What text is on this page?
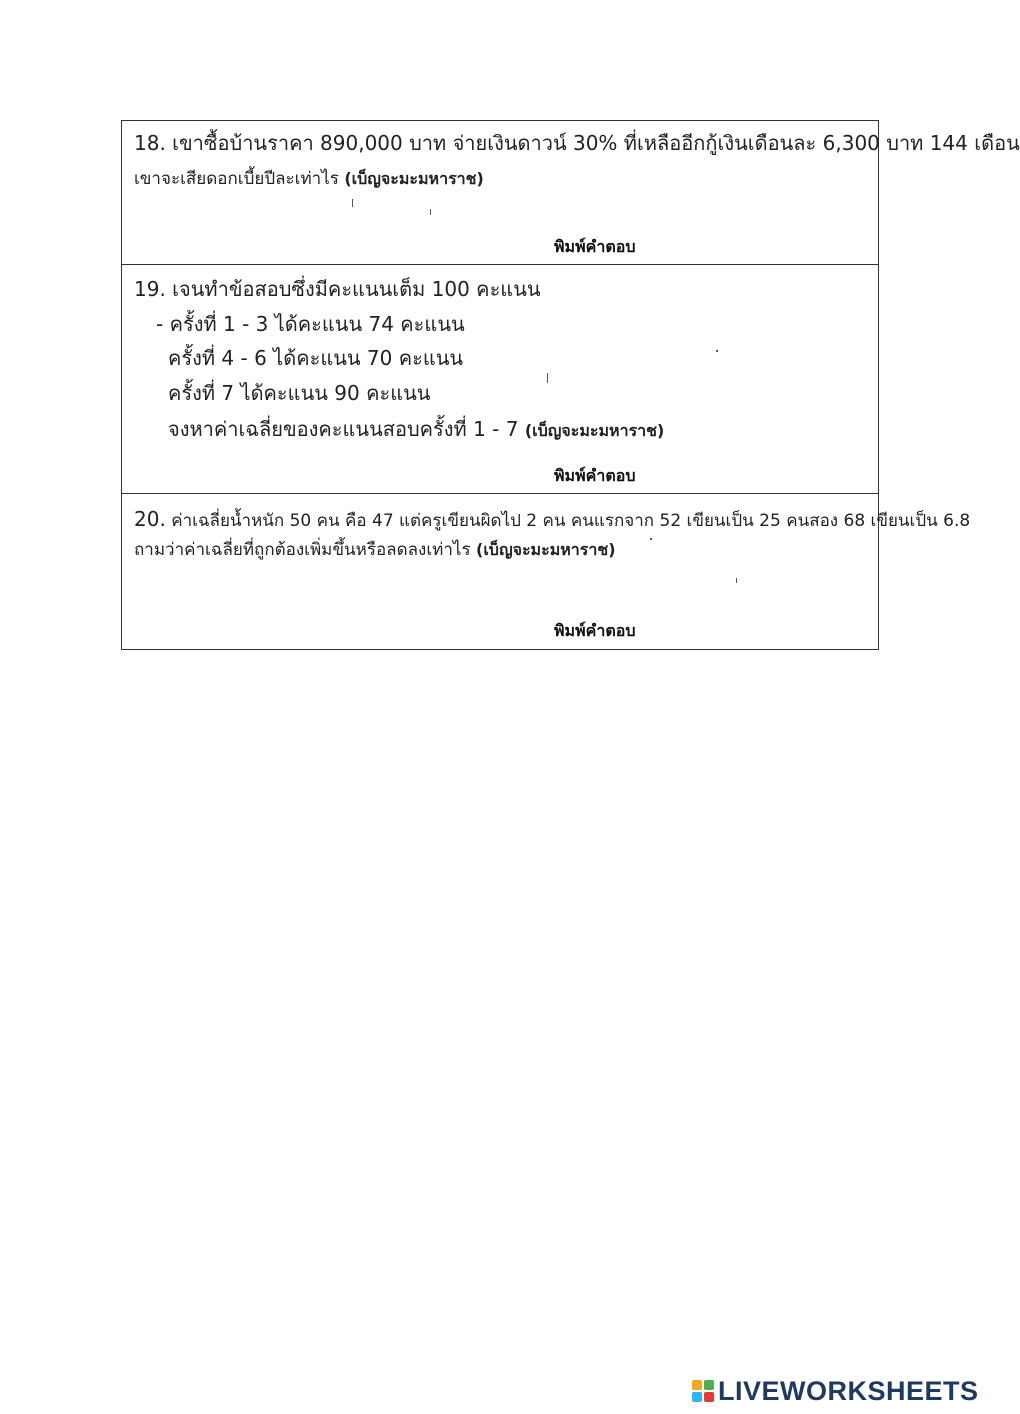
18. เขาซื้อบ้านราคา 890,000 บาท จ่ายเงินดาวน์ 30% ที่เหลืออีกกู้เงินเดือนละ 6,300 บาท 144 เดือน
เขาจะเสียดอกเบี้ยปีละเท่าไร (เบ็ญจะมะมหาราช)
พิมพ์คำตอบ
19. เจนทำข้อสอบซึ่งมีคะแนนเต็ม 100 คะแนน
- ครั้งที่ 1 - 3 ได้คะแนน 74 คะแนน
ครั้งที่ 4 - 6 ได้คะแนน 70 คะแนน
ครั้งที่ 7 ได้คะแนน 90 คะแนน
จงหาค่าเฉลี่ยของคะแนนสอบครั้งที่ 1 - 7 (เบ็ญจะมะมหาราช)
พิมพ์คำตอบ
20. ค่าเฉลี่ยน้ำหนัก 50 คน คือ 47 แต่ครูเขียนผิดไป 2 คน คนแรกจาก 52 เขียนเป็น 25 คนสอง 68 เขียนเป็น 6.8
ถามว่าค่าเฉลี่ยที่ถูกต้องเพิ่มขึ้นหรือลดลงเท่าไร (เบ็ญจะมะมหาราช)
พิมพ์คำตอบ
LIVEWORKSHEETS
